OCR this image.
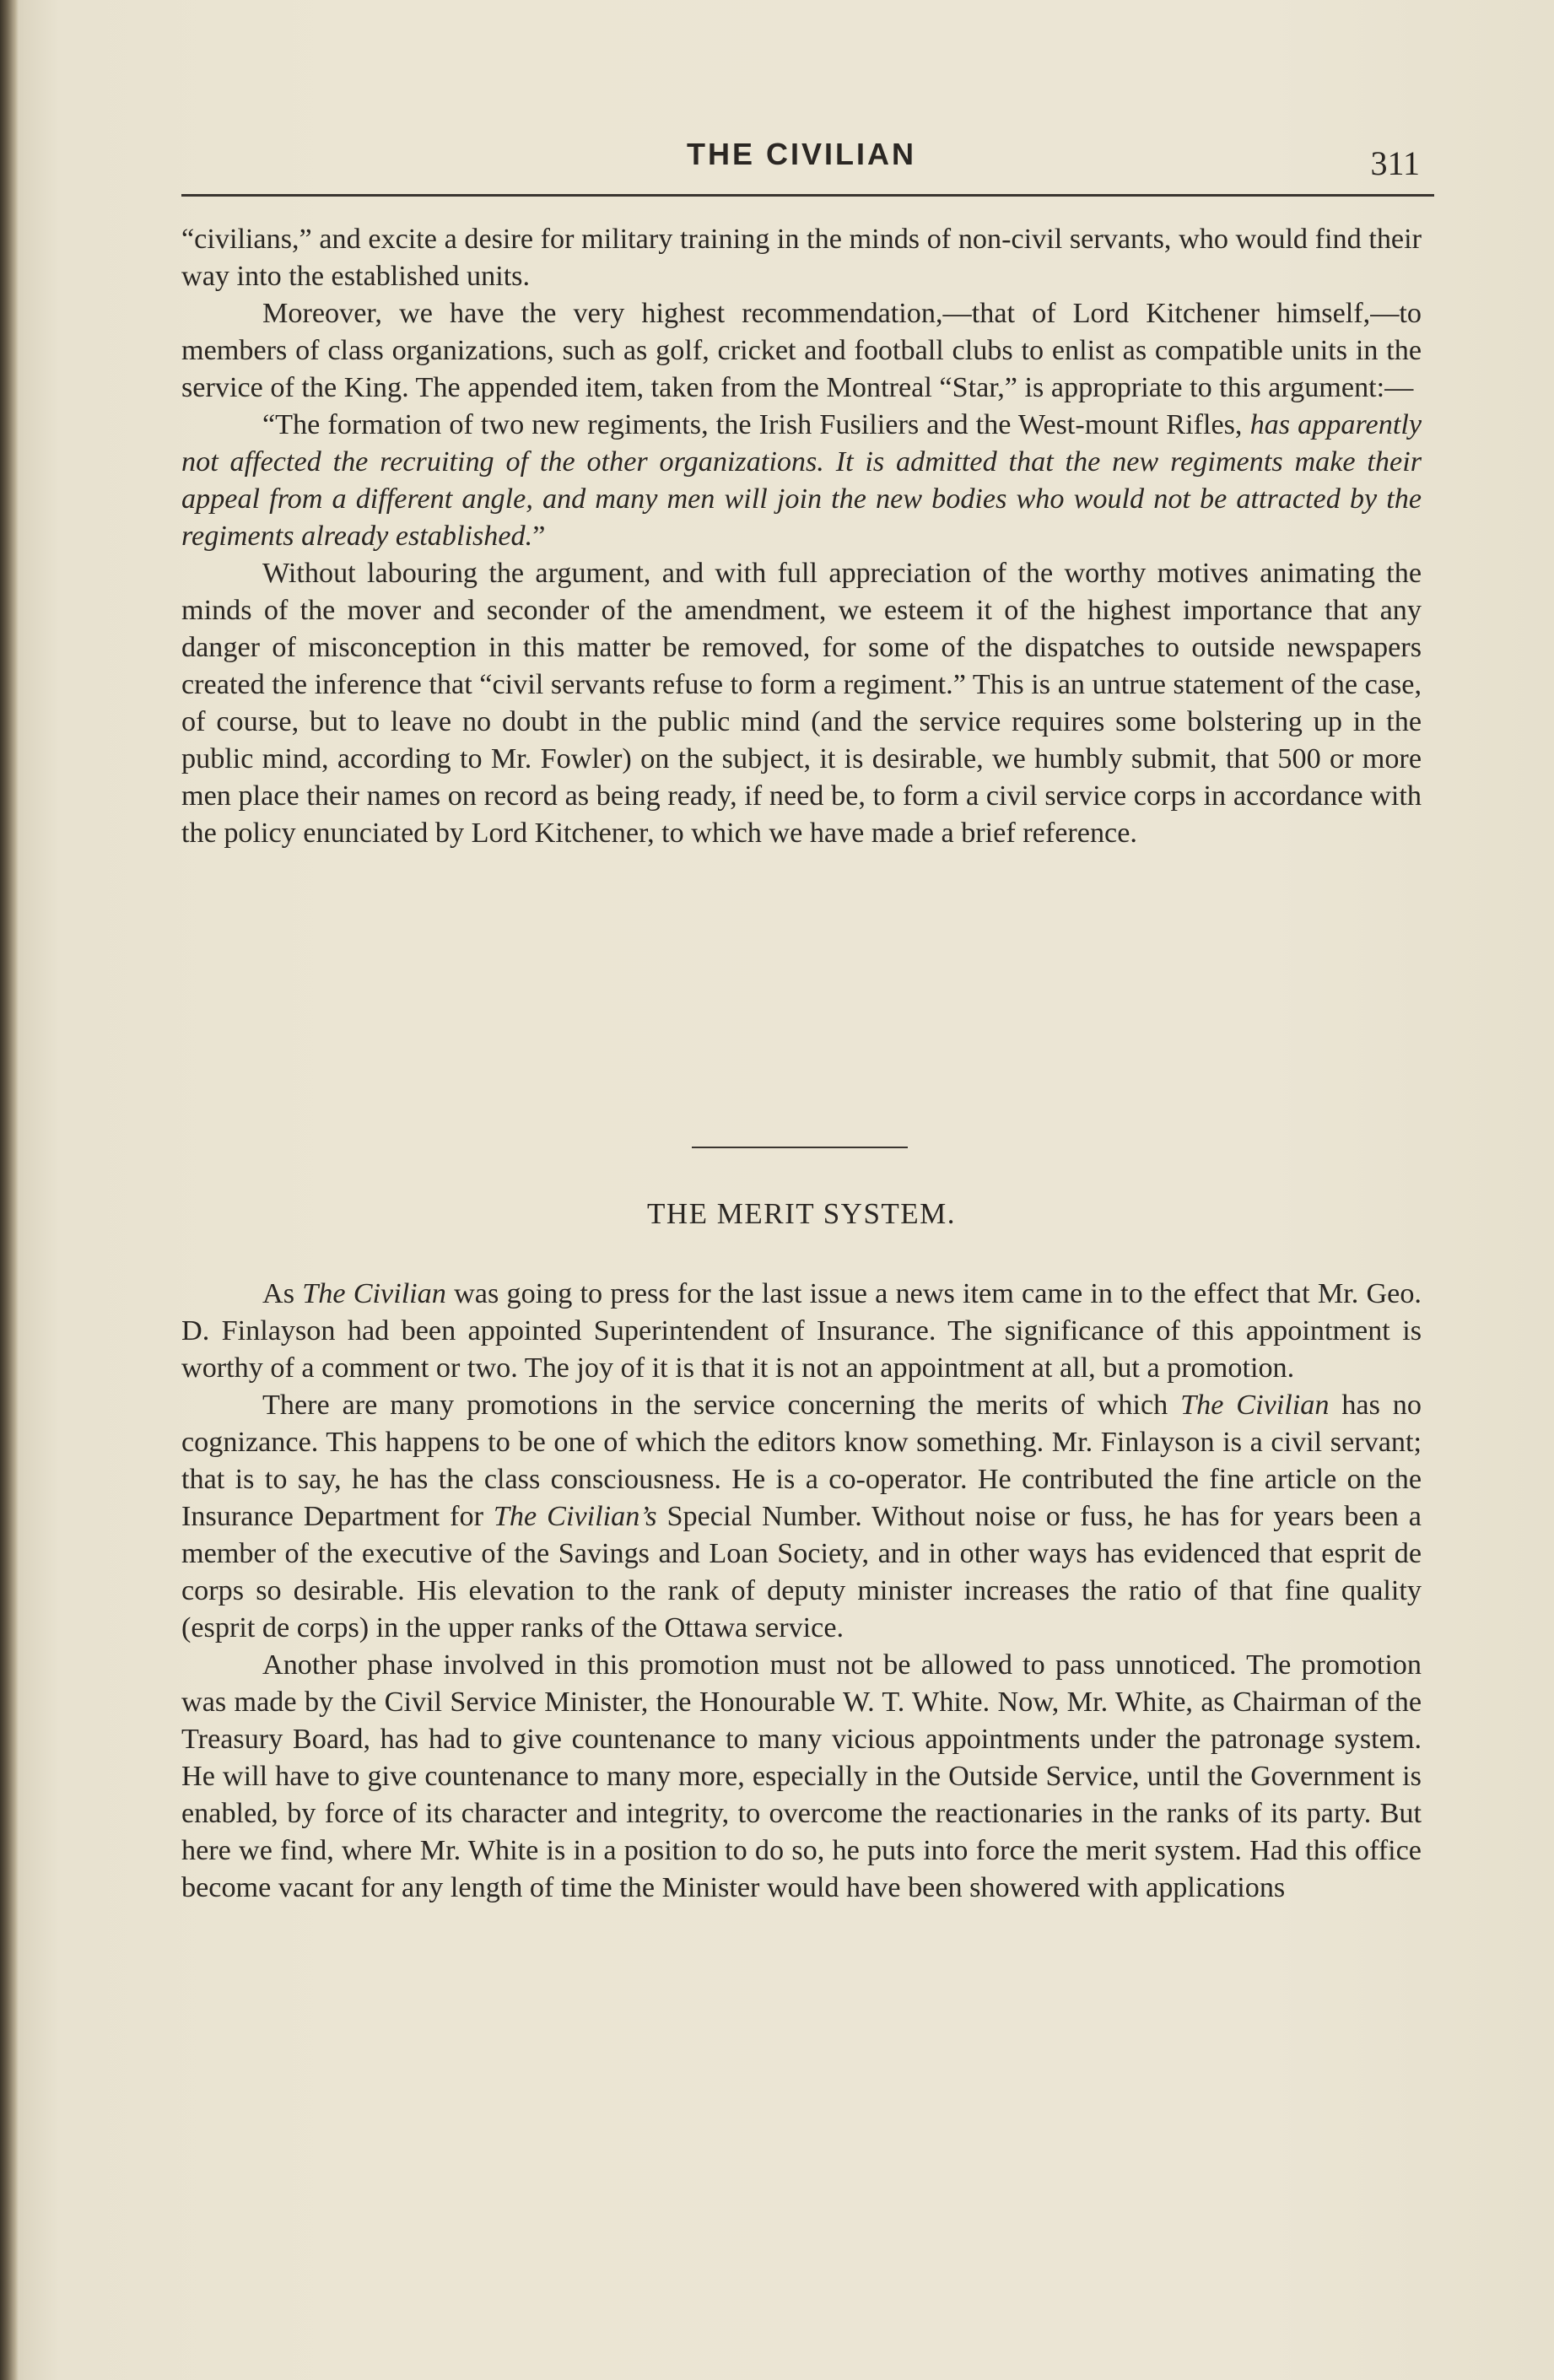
THE CIVILIAN	311

“civilians,” and excite a desire for military training in the minds of non-civil servants, who would find their way into the established units.

Moreover, we have the very highest recommendation,—that of Lord Kitchener himself,—to members of class organizations, such as golf, cricket and football clubs to enlist as compatible units in the service of the King. The appended item, taken from the Montreal “Star,” is appropriate to this argument:—

“The formation of two new regiments, the Irish Fusiliers and the West-mount Rifles, has apparently not affected the recruiting of the other organizations. It is admitted that the new regiments make their appeal from a different angle, and many men will join the new bodies who would not be attracted by the regiments already established.”

Without labouring the argument, and with full appreciation of the worthy motives animating the minds of the mover and seconder of the amendment, we esteem it of the highest importance that any danger of misconception in this matter be removed, for some of the dispatches to outside newspapers created the inference that “civil servants refuse to form a regiment.” This is an untrue statement of the case, of course, but to leave no doubt in the public mind (and the service requires some bolstering up in the public mind, according to Mr. Fowler) on the subject, it is desirable, we humbly submit, that 500 or more men place their names on record as being ready, if need be, to form a civil service corps in accordance with the policy enunciated by Lord Kitchener, to which we have made a brief reference.

THE MERIT SYSTEM.

As The Civilian was going to press for the last issue a news item came in to the effect that Mr. Geo. D. Finlayson had been appointed Superintendent of Insurance. The significance of this appointment is worthy of a comment or two. The joy of it is that it is not an appointment at all, but a promotion.

There are many promotions in the service concerning the merits of which The Civilian has no cognizance. This happens to be one of which the editors know something. Mr. Finlayson is a civil servant; that is to say, he has the class consciousness. He is a co-operator. He contributed the fine article on the Insurance Department for The Civilian’s Special Number. Without noise or fuss, he has for years been a member of the executive of the Savings and Loan Society, and in other ways has evidenced that esprit de corps so desirable. His elevation to the rank of deputy minister increases the ratio of that fine quality (esprit de corps) in the upper ranks of the Ottawa service.

Another phase involved in this promotion must not be allowed to pass unnoticed. The promotion was made by the Civil Service Minister, the Honourable W. T. White. Now, Mr. White, as Chairman of the Treasury Board, has had to give countenance to many vicious appointments under the patronage system. He will have to give countenance to many more, especially in the Outside Service, until the Government is enabled, by force of its character and integrity, to overcome the reactionaries in the ranks of its party. But here we find, where Mr. White is in a position to do so, he puts into force the merit system. Had this office become vacant for any length of time the Minister would have been showered with applications
